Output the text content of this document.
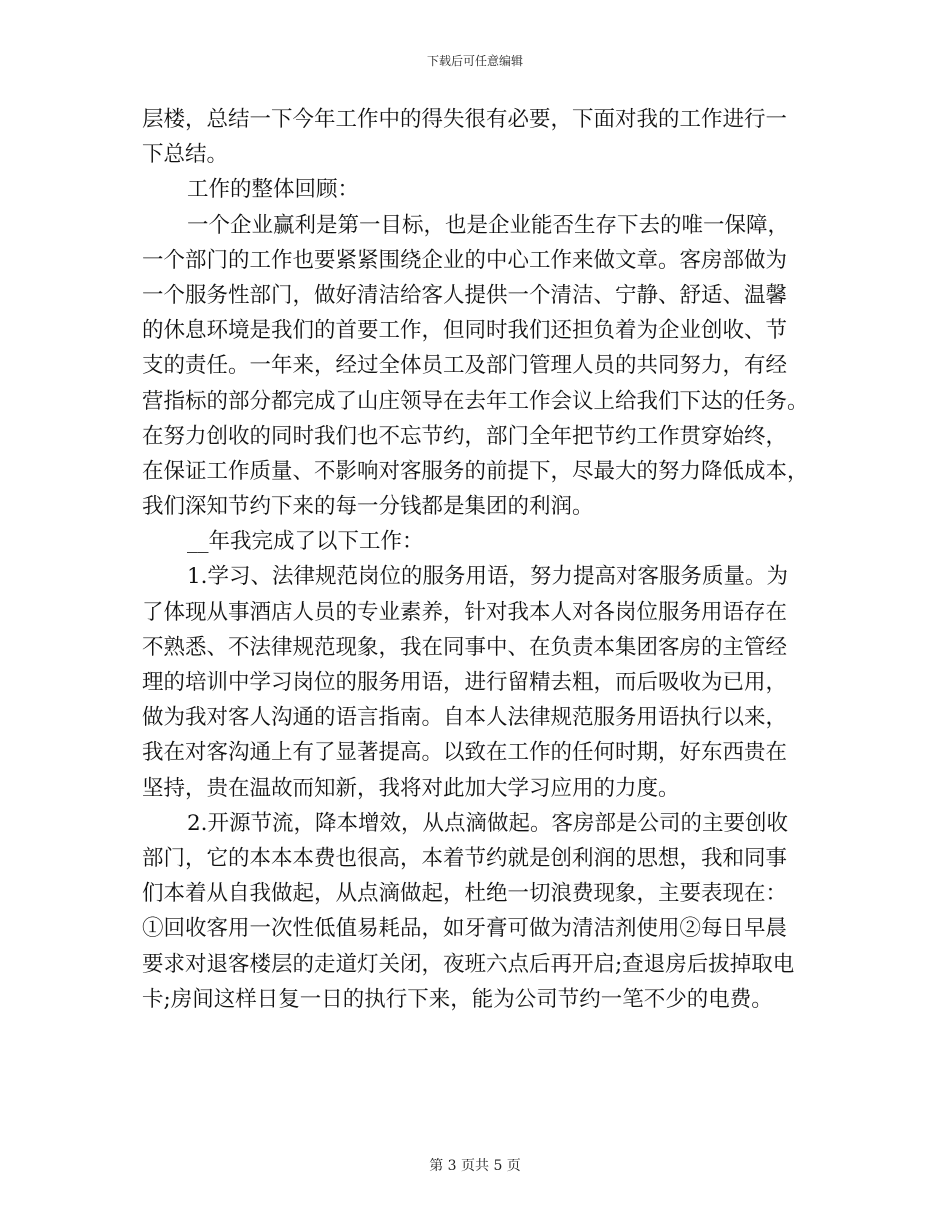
下载后可任意编辑
层楼，总结一下今年工作中的得失很有必要，下面对我的工作进行一
下总结。
工作的整体回顾：
一个企业赢利是第一目标，也是企业能否生存下去的唯一保障，
一个部门的工作也要紧紧围绕企业的中心工作来做文章。客房部做为
一个服务性部门，做好清洁给客人提供一个清洁、宁静、舒适、温馨
的休息环境是我们的首要工作，但同时我们还担负着为企业创收、节
支的责任。一年来，经过全体员工及部门管理人员的共同努力，有经
营指标的部分都完成了山庄领导在去年工作会议上给我们下达的任务。
在努力创收的同时我们也不忘节约，部门全年把节约工作贯穿始终，
在保证工作质量、不影响对客服务的前提下，尽最大的努力降低成本，
我们深知节约下来的每一分钱都是集团的利润。
__年我完成了以下工作：
1.学习、法律规范岗位的服务用语，努力提高对客服务质量。为
了体现从事酒店人员的专业素养，针对我本人对各岗位服务用语存在
不熟悉、不法律规范现象，我在同事中、在负责本集团客房的主管经
理的培训中学习岗位的服务用语，进行留精去粗，而后吸收为已用，
做为我对客人沟通的语言指南。自本人法律规范服务用语执行以来，
我在对客沟通上有了显著提高。以致在工作的任何时期，好东西贵在
坚持，贵在温故而知新，我将对此加大学习应用的力度。
2.开源节流，降本增效，从点滴做起。客房部是公司的主要创收
部门，它的本本本费也很高，本着节约就是创利润的思想，我和同事
们本着从自我做起，从点滴做起，杜绝一切浪费现象，主要表现在：
①回收客用一次性低值易耗品，如牙膏可做为清洁剂使用②每日早晨
要求对退客楼层的走道灯关闭，夜班六点后再开启;查退房后拔掉取电
卡;房间这样日复一日的执行下来，能为公司节约一笔不少的电费。
第 3 页共 5 页
